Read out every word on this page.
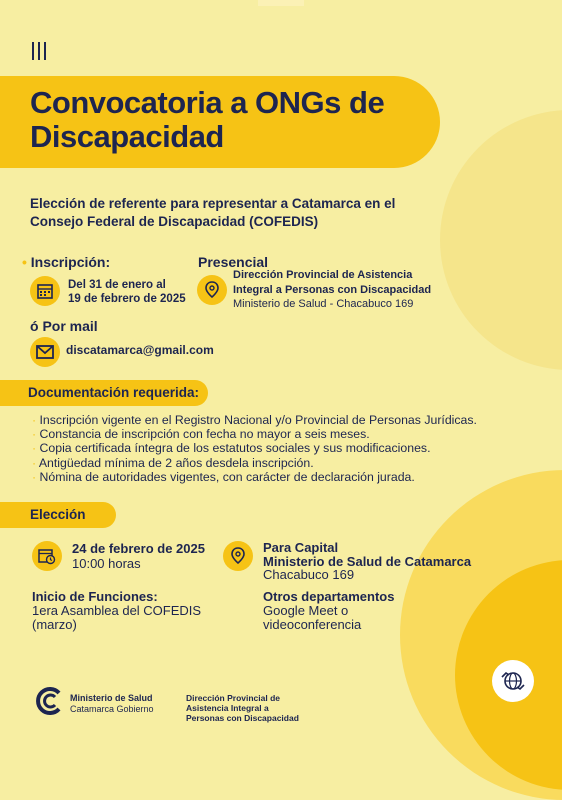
Convocatoria a ONGs de
Discapacidad
Elección de referente para representar a Catamarca en el Consejo Federal de Discapacidad (COFEDIS)
• Inscripción:
Del 31 de enero al
19 de febrero de 2025
ó Por mail
discatamarca@gmail.com
Presencial
Dirección Provincial de Asistencia
Integral a Personas con Discapacidad
Ministerio de Salud - Chacabuco 169
Documentación requerida:
· Inscripción vigente en el Registro Nacional y/o Provincial de Personas Jurídicas.
· Constancia de inscripción con fecha no mayor a seis meses.
· Copia certificada íntegra de los estatutos sociales y sus modificaciones.
· Antigüedad mínima de 2 años desdela inscripción.
· Nómina de autoridades vigentes, con carácter de declaración jurada.
Elección
24 de febrero de 2025
10:00 horas
Para Capital
Ministerio de Salud de Catamarca
Chacabuco 169
Inicio de Funciones:
1era Asamblea del COFEDIS
(marzo)
Otros departamentos
Google Meet o
videoconferencia
Ministerio de Salud
Catamarca Gobierno
Dirección Provincial de
Asistencia Integral a
Personas con Discapacidad
